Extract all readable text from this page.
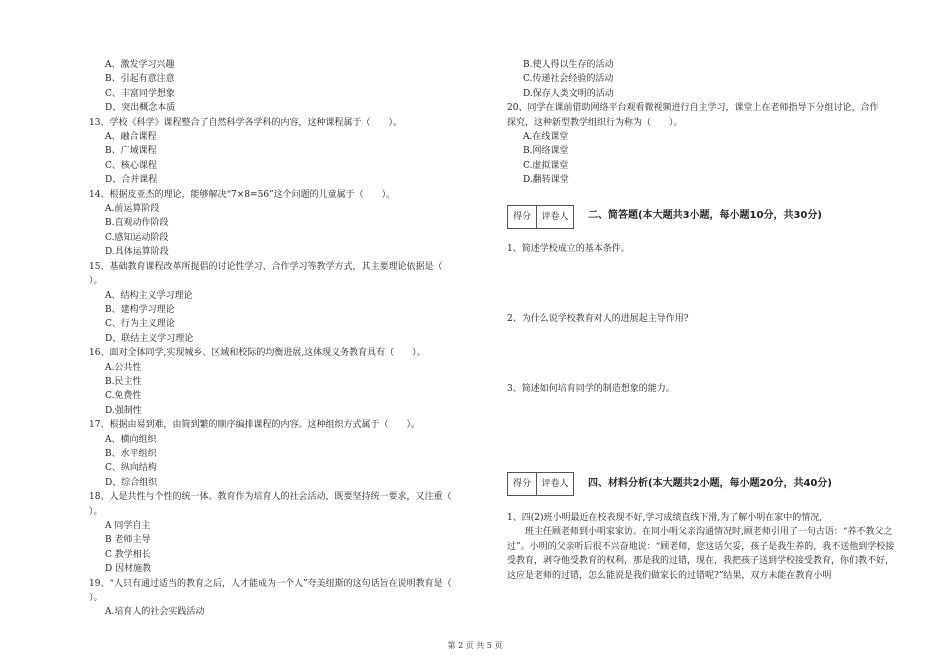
A、激发学习兴趣
B、引起有意注意
C、丰富同学想象
D、突出概念本质
13、学校《科学》课程整合了自然科学各学科的内容，这种课程属于（　　）。
A、融合课程
B、广域课程
C、核心课程
D、合并课程
14、根据皮亚杰的理论，能够解决“7×8=56”这个问题的儿童属于（　　）。
A.前运算阶段
B.直观动作阶段
C.感知运动阶段
D.具体运算阶段
15、基础教育课程改革所提倡的讨论性学习、合作学习等教学方式，其主要理论依据是（
）。
A、结构主义学习理论
B、建构学习理论
C、行为主义理论
D、联结主义学习理论
16、面对全体同学,实现城乡、区域和校际的均衡进展,这体现义务教育具有（　　）。
A.公共性
B.民主性
C.免费性
D.强制性
17、根据由易到难，由简到繁的顺序编排课程的内容。这种组织方式属于（　　）。
A、横向组织
B、水平组织
C、纵向结构
D、综合组织
18、人是共性与个性的统一体。教育作为培育人的社会活动，既要坚持统一要求，又注重（
）。
A 同学自主
B 老师主导
C 教学相长
D 因材施教
19、“人只有通过适当的教育之后，人才能成为一个人”夸美纽斯的这句话旨在说明教育是（
）。
A.培育人的社会实践活动
B.使人得以生存的活动
C.传递社会经验的活动
D.保存人类文明的活动
20、同学在课前借助网络平台观看微视频进行自主学习，课堂上在老师指导下分组讨论，合作
探究，这种新型教学组织行为称为（　　）。
A.在线课堂
B.网络课堂
C.虚拟课堂
D.翻转课堂
得分	评卷人	二、简答题(本大题共3小题，每小题10分，共30分)
1、简述学校成立的基本条件。
2、为什么说学校教育对人的进展起主导作用?
3、简述如何培育同学的制造想象的能力。
得分	评卷人	四、材料分析(本大题共2小题，每小题20分，共40分)
1、四(2)班小明最近在校表现不好,学习成绩直线下滑,为了解小明在家中的情况,
班主任顾老师到小明家家访。在同小明父亲沟通情况时,顾老师引用了一句古语：“养不教父之过”。小明的父亲听后很不兴奋地说：“顾老师，您这话欠妥，孩子是我生养的，我不送他到学校接受教育，剥夺他受教育的权利，那是我的过错，现在，我把孩子送到学校接受教育，你们教不好，这应是老师的过错，怎么能说是我们做家长的过错呢?”结果，双方未能在教育小明
第 2 页 共 5 页
